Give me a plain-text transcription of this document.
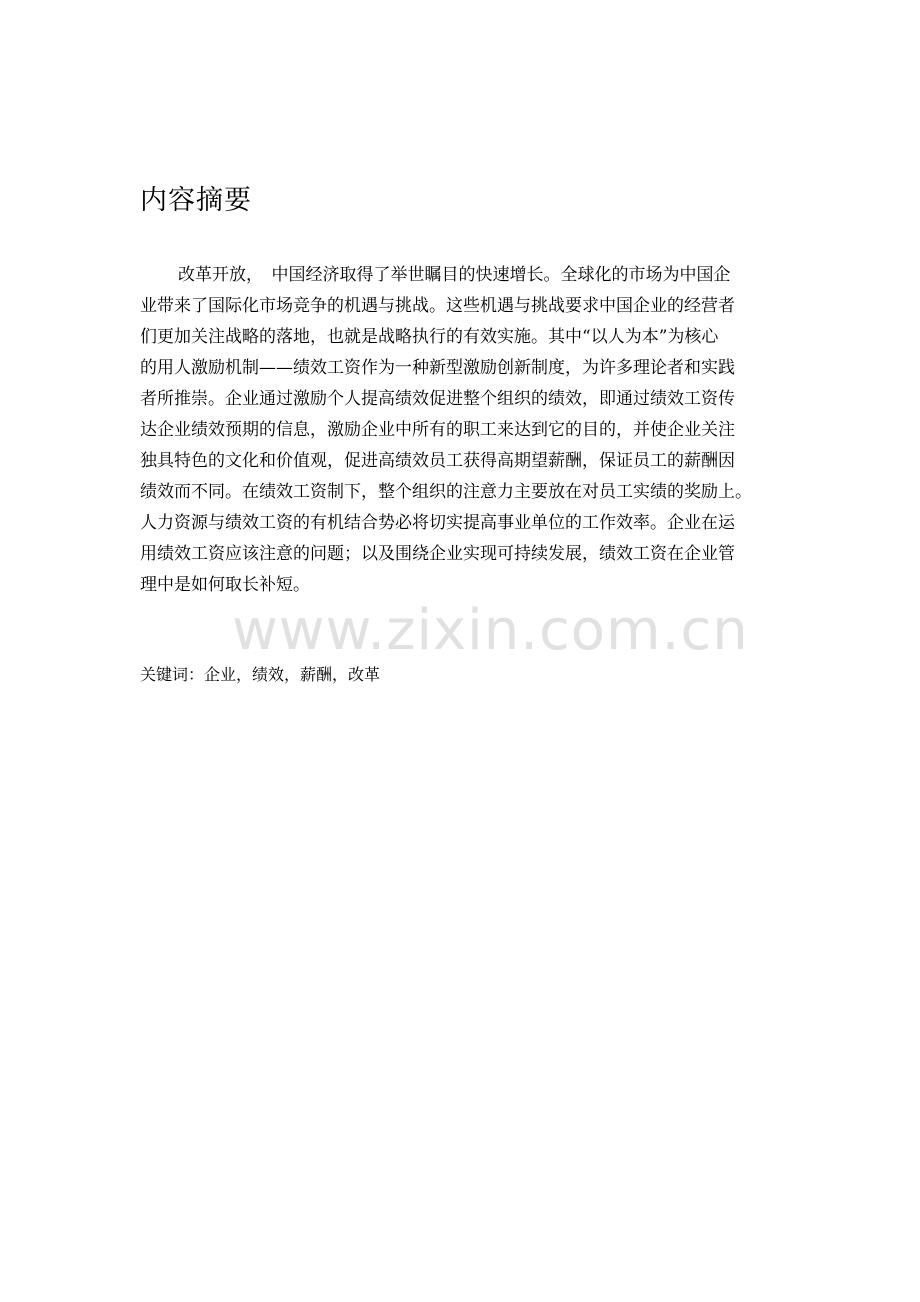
内容摘要
改革开放，　中国经济取得了举世瞩目的快速增长。全球化的市场为中国企
业带来了国际化市场竞争的机遇与挑战。这些机遇与挑战要求中国企业的经营者
们更加关注战略的落地，也就是战略执行的有效实施。其中“以人为本”为核心
的用人激励机制——绩效工资作为一种新型激励创新制度，为许多理论者和实践
者所推崇。企业通过激励个人提高绩效促进整个组织的绩效，即通过绩效工资传
达企业绩效预期的信息，激励企业中所有的职工来达到它的目的，并使企业关注
独具特色的文化和价值观，促进高绩效员工获得高期望薪酬，保证员工的薪酬因
绩效而不同。在绩效工资制下，整个组织的注意力主要放在对员工实绩的奖励上。
人力资源与绩效工资的有机结合势必将切实提高事业单位的工作效率。企业在运
用绩效工资应该注意的问题；以及围绕企业实现可持续发展，绩效工资在企业管
理中是如何取长补短。

关键词：企业，绩效，薪酬，改革

www.zixin.com.cn
